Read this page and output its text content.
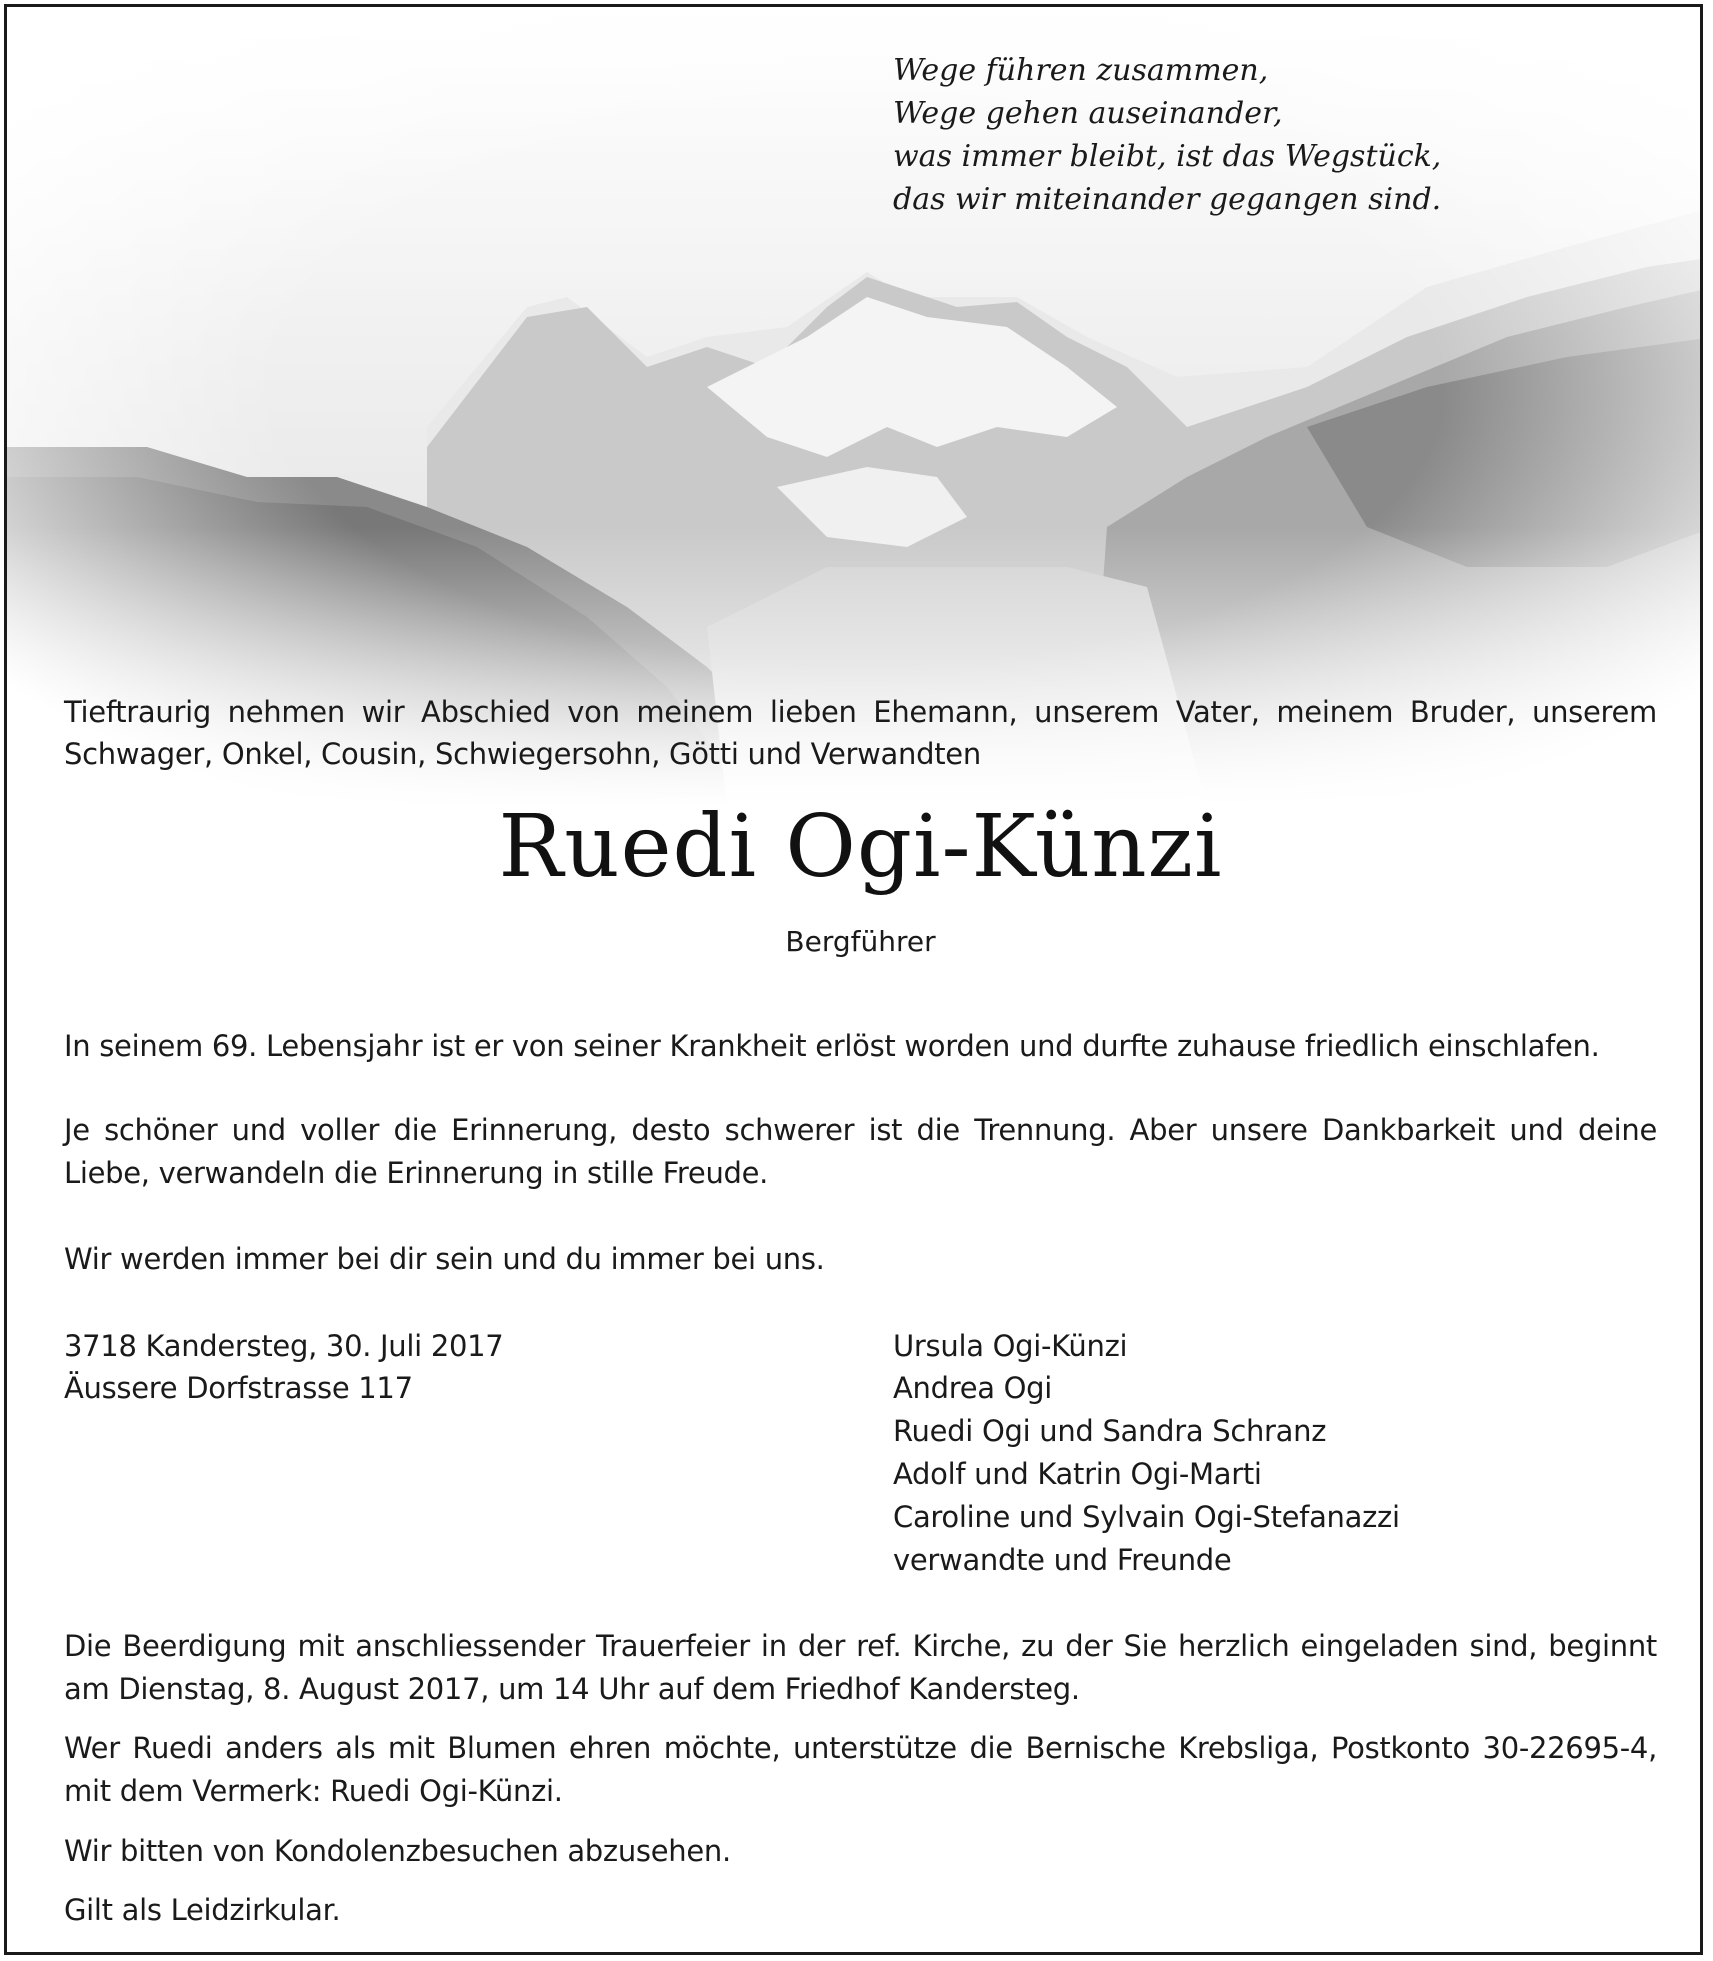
Wege führen zusammen,
Wege gehen auseinander,
was immer bleibt, ist das Wegstück,
das wir miteinander gegangen sind.
Tieftraurig nehmen wir Abschied von meinem lieben Ehemann, unserem Vater, meinem Bruder, unserem
Schwager, Onkel, Cousin, Schwiegersohn, Götti und Verwandten
Ruedi Ogi-Künzi
Bergführer
In seinem 69. Lebensjahr ist er von seiner Krankheit erlöst worden und durfte zuhause friedlich einschlafen.
Je schöner und voller die Erinnerung, desto schwerer ist die Trennung. Aber unsere Dankbarkeit und deine
Liebe, verwandeln die Erinnerung in stille Freude.
Wir werden immer bei dir sein und du immer bei uns.
3718 Kandersteg, 30. Juli 2017
Äussere Dorfstrasse 117
Ursula Ogi-Künzi
Andrea Ogi
Ruedi Ogi und Sandra Schranz
Adolf und Katrin Ogi-Marti
Caroline und Sylvain Ogi-Stefanazzi
verwandte und Freunde
Die Beerdigung mit anschliessender Trauerfeier in der ref. Kirche, zu der Sie herzlich eingeladen sind, beginnt
am Dienstag, 8. August 2017, um 14 Uhr auf dem Friedhof Kandersteg.
Wer Ruedi anders als mit Blumen ehren möchte, unterstütze die Bernische Krebsliga, Postkonto 30-22695-4,
mit dem Vermerk: Ruedi Ogi-Künzi.
Wir bitten von Kondolenzbesuchen abzusehen.
Gilt als Leidzirkular.
